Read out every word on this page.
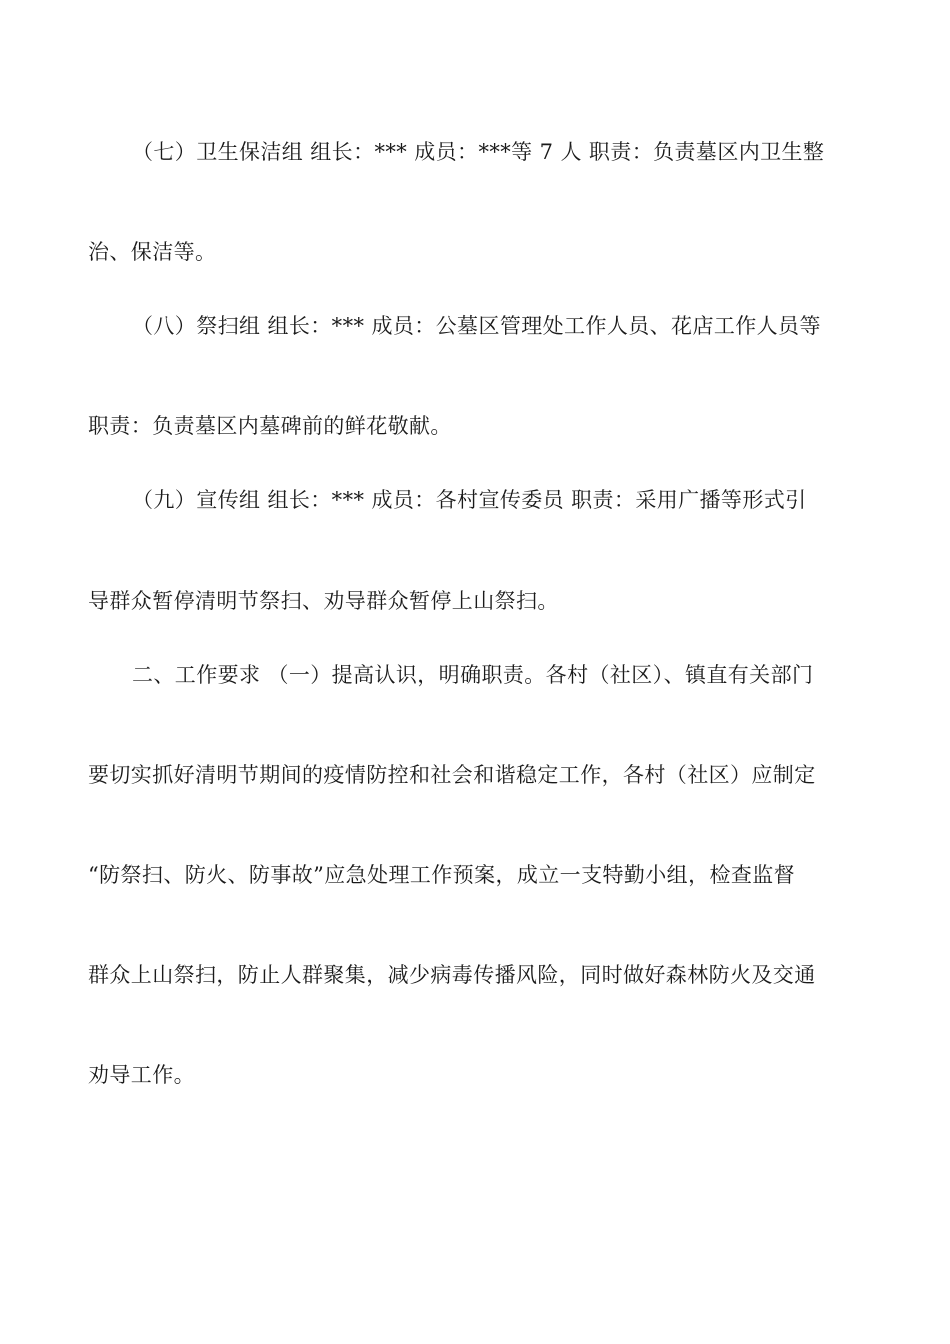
（七）卫生保洁组 组长：*** 成员：***等 7 人 职责：负责墓区内卫生整
治、保洁等。
（八）祭扫组 组长：*** 成员：公墓区管理处工作人员、花店工作人员等
职责：负责墓区内墓碑前的鲜花敬献。
（九）宣传组 组长：*** 成员：各村宣传委员 职责：采用广播等形式引
导群众暂停清明节祭扫、劝导群众暂停上山祭扫。
二、工作要求 （一）提高认识，明确职责。各村（社区）、镇直有关部门
要切实抓好清明节期间的疫情防控和社会和谐稳定工作，各村（社区）应制定
“防祭扫、防火、防事故”应急处理工作预案，成立一支特勤小组，检查监督
群众上山祭扫，防止人群聚集，减少病毒传播风险，同时做好森林防火及交通
劝导工作。
